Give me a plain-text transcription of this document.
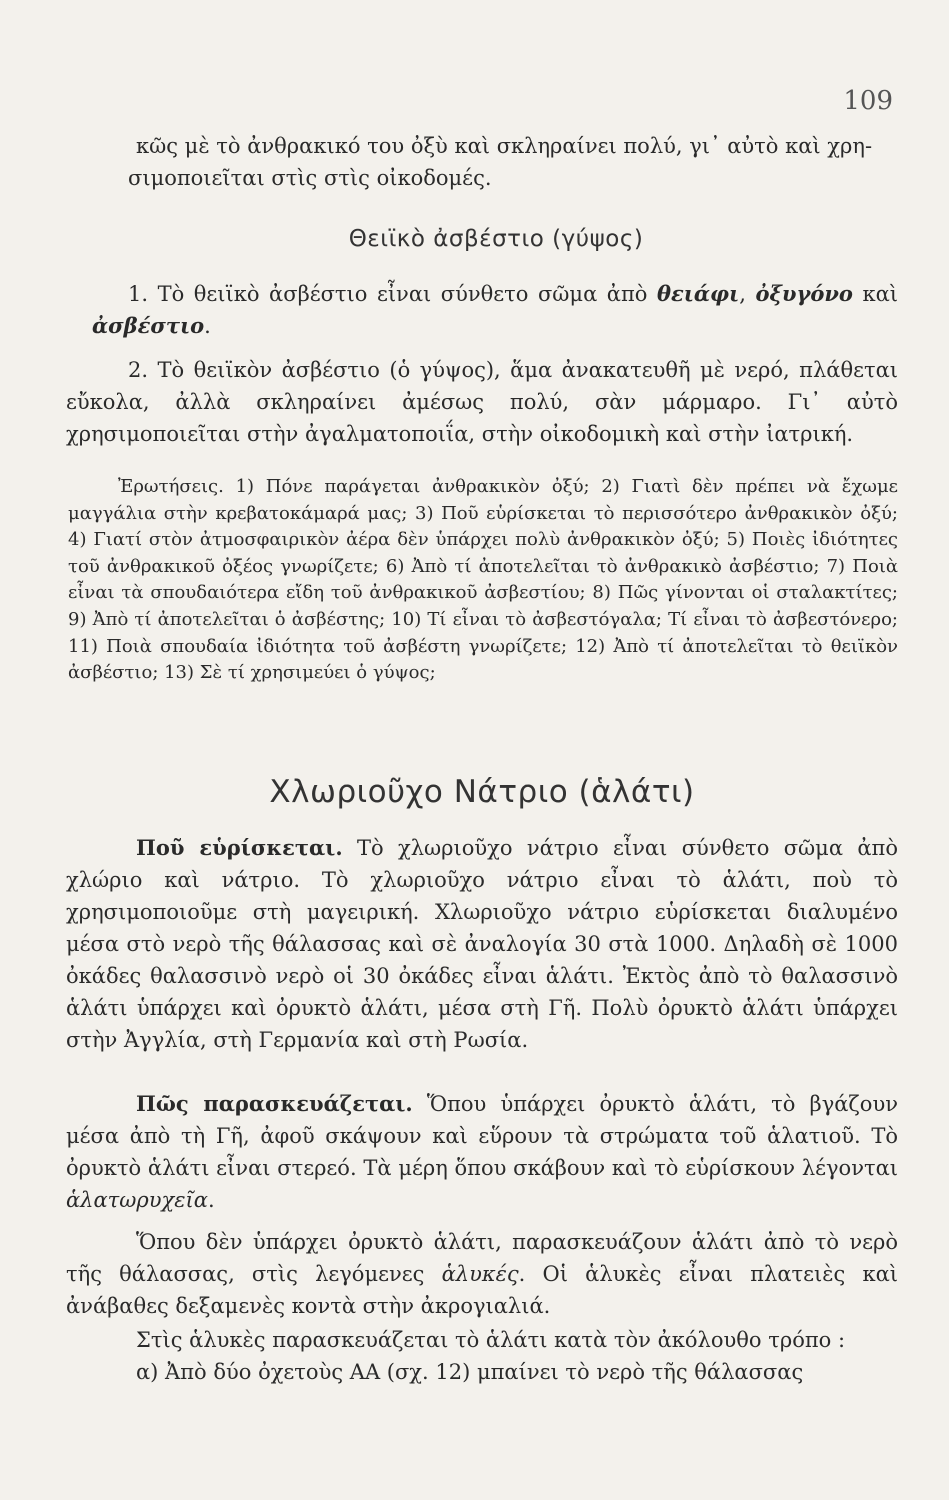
109

κῶς μὲ τὸ ἀνθρακικό του ὀξὺ καὶ σκληραίνει πολύ, γι᾽ αὐτὸ καὶ χρη-

σιμοποιεῖται στὶς στὶς οἰκοδομές.

Θειϊκὸ ἀσβέστιο (γύψος)

1. Τὸ θειϊκὸ ἀσβέστιο εἶναι σύνθετο σῶμα ἀπὸ θειάφι, ὀξυγόνο καὶ ἀσβέστιο.

2. Τὸ θειϊκὸν ἀσβέστιο (ὁ γύψος), ἅμα ἀνακατευθῆ μὲ νερό, πλάθεται εὔκολα, ἀλλὰ σκληραίνει ἀμέσως πολύ, σὰν μάρμαρο. Γι᾽ αὐτὸ χρησιμοποιεῖται στὴν ἀγαλματοποιΐα, στὴν οἰκοδομικὴ καὶ στὴν ἰατρική.

Ἐρωτήσεις. 1) Πόνε παράγεται ἀνθρακικὸν ὀξύ; 2) Γιατὶ δὲν πρέπει νὰ ἔχωμε μαγγάλια στὴν κρεβατοκάμαρά μας; 3) Ποῦ εὑρίσκεται τὸ περισσότερο ἀνθρακικὸν ὀξύ; 4) Γιατί στὸν ἀτμοσφαιρικὸν ἀέρα δὲν ὑπάρχει πολὺ ἀνθρακικὸν ὀξύ; 5) Ποιὲς ἰδιότητες τοῦ ἀνθρακικοῦ ὀξέος γνωρίζετε; 6) Ἀπὸ τί ἀποτελεῖται τὸ ἀνθρακικὸ ἀσβέστιο; 7) Ποιὰ εἶναι τὰ σπουδαιότερα εἴδη τοῦ ἀνθρακικοῦ ἀσβεστίου; 8) Πῶς γίνονται οἱ σταλακτίτες; 9) Ἀπὸ τί ἀποτελεῖται ὁ ἀσβέστης; 10) Τί εἶναι τὸ ἀσβεστόγαλα; Τί εἶναι τὸ ἀσβεστόνερο; 11) Ποιὰ σπουδαία ἰδιότητα τοῦ ἀσβέστη γνωρίζετε; 12) Ἀπὸ τί ἀποτελεῖται τὸ θειϊκὸν ἀσβέστιο; 13) Σὲ τί χρησιμεύει ὁ γύψος;

Χλωριοῦχο Νάτριο (ἁλάτι)

Ποῦ εὑρίσκεται. Τὸ χλωριοῦχο νάτριο εἶναι σύνθετο σῶμα ἀπὸ χλώριο καὶ νάτριο. Τὸ χλωριοῦχο νάτριο εἶναι τὸ ἁλάτι, ποὺ τὸ χρησιμοποιοῦμε στὴ μαγειρική. Χλωριοῦχο νάτριο εὑρίσκεται διαλυμένο μέσα στὸ νερὸ τῆς θάλασσας καὶ σὲ ἀναλογία 30 στὰ 1000. Δηλαδὴ σὲ 1000 ὀκάδες θαλασσινὸ νερὸ οἱ 30 ὀκάδες εἶναι ἁλάτι. Ἐκτὸς ἀπὸ τὸ θαλασσινὸ ἁλάτι ὑπάρχει καὶ ὀρυκτὸ ἁλάτι, μέσα στὴ Γῆ. Πολὺ ὀρυκτὸ ἁλάτι ὑπάρχει στὴν Ἀγγλία, στὴ Γερμανία καὶ στὴ Ρωσία.

Πῶς παρασκευάζεται. Ὅπου ὑπάρχει ὀρυκτὸ ἁλάτι, τὸ βγάζουν μέσα ἀπὸ τὴ Γῆ, ἀφοῦ σκάψουν καὶ εὕρουν τὰ στρώματα τοῦ ἁλατιοῦ. Τὸ ὀρυκτὸ ἁλάτι εἶναι στερεό. Τὰ μέρη ὅπου σκάβουν καὶ τὸ εὑρίσκουν λέγονται ἁλατωρυχεῖα.

Ὅπου δὲν ὑπάρχει ὀρυκτὸ ἁλάτι, παρασκευάζουν ἁλάτι ἀπὸ τὸ νερὸ τῆς θάλασσας, στὶς λεγόμενες ἁλυκές. Οἱ ἁλυκὲς εἶναι πλατειὲς καὶ ἀνάβαθες δεξαμενὲς κοντὰ στὴν ἀκρογιαλιά.

Στὶς ἁλυκὲς παρασκευάζεται τὸ ἁλάτι κατὰ τὸν ἀκόλουθο τρόπο :

α) Ἀπὸ δύο ὀχετοὺς ΑΑ (σχ. 12) μπαίνει τὸ νερὸ τῆς θάλασσας
